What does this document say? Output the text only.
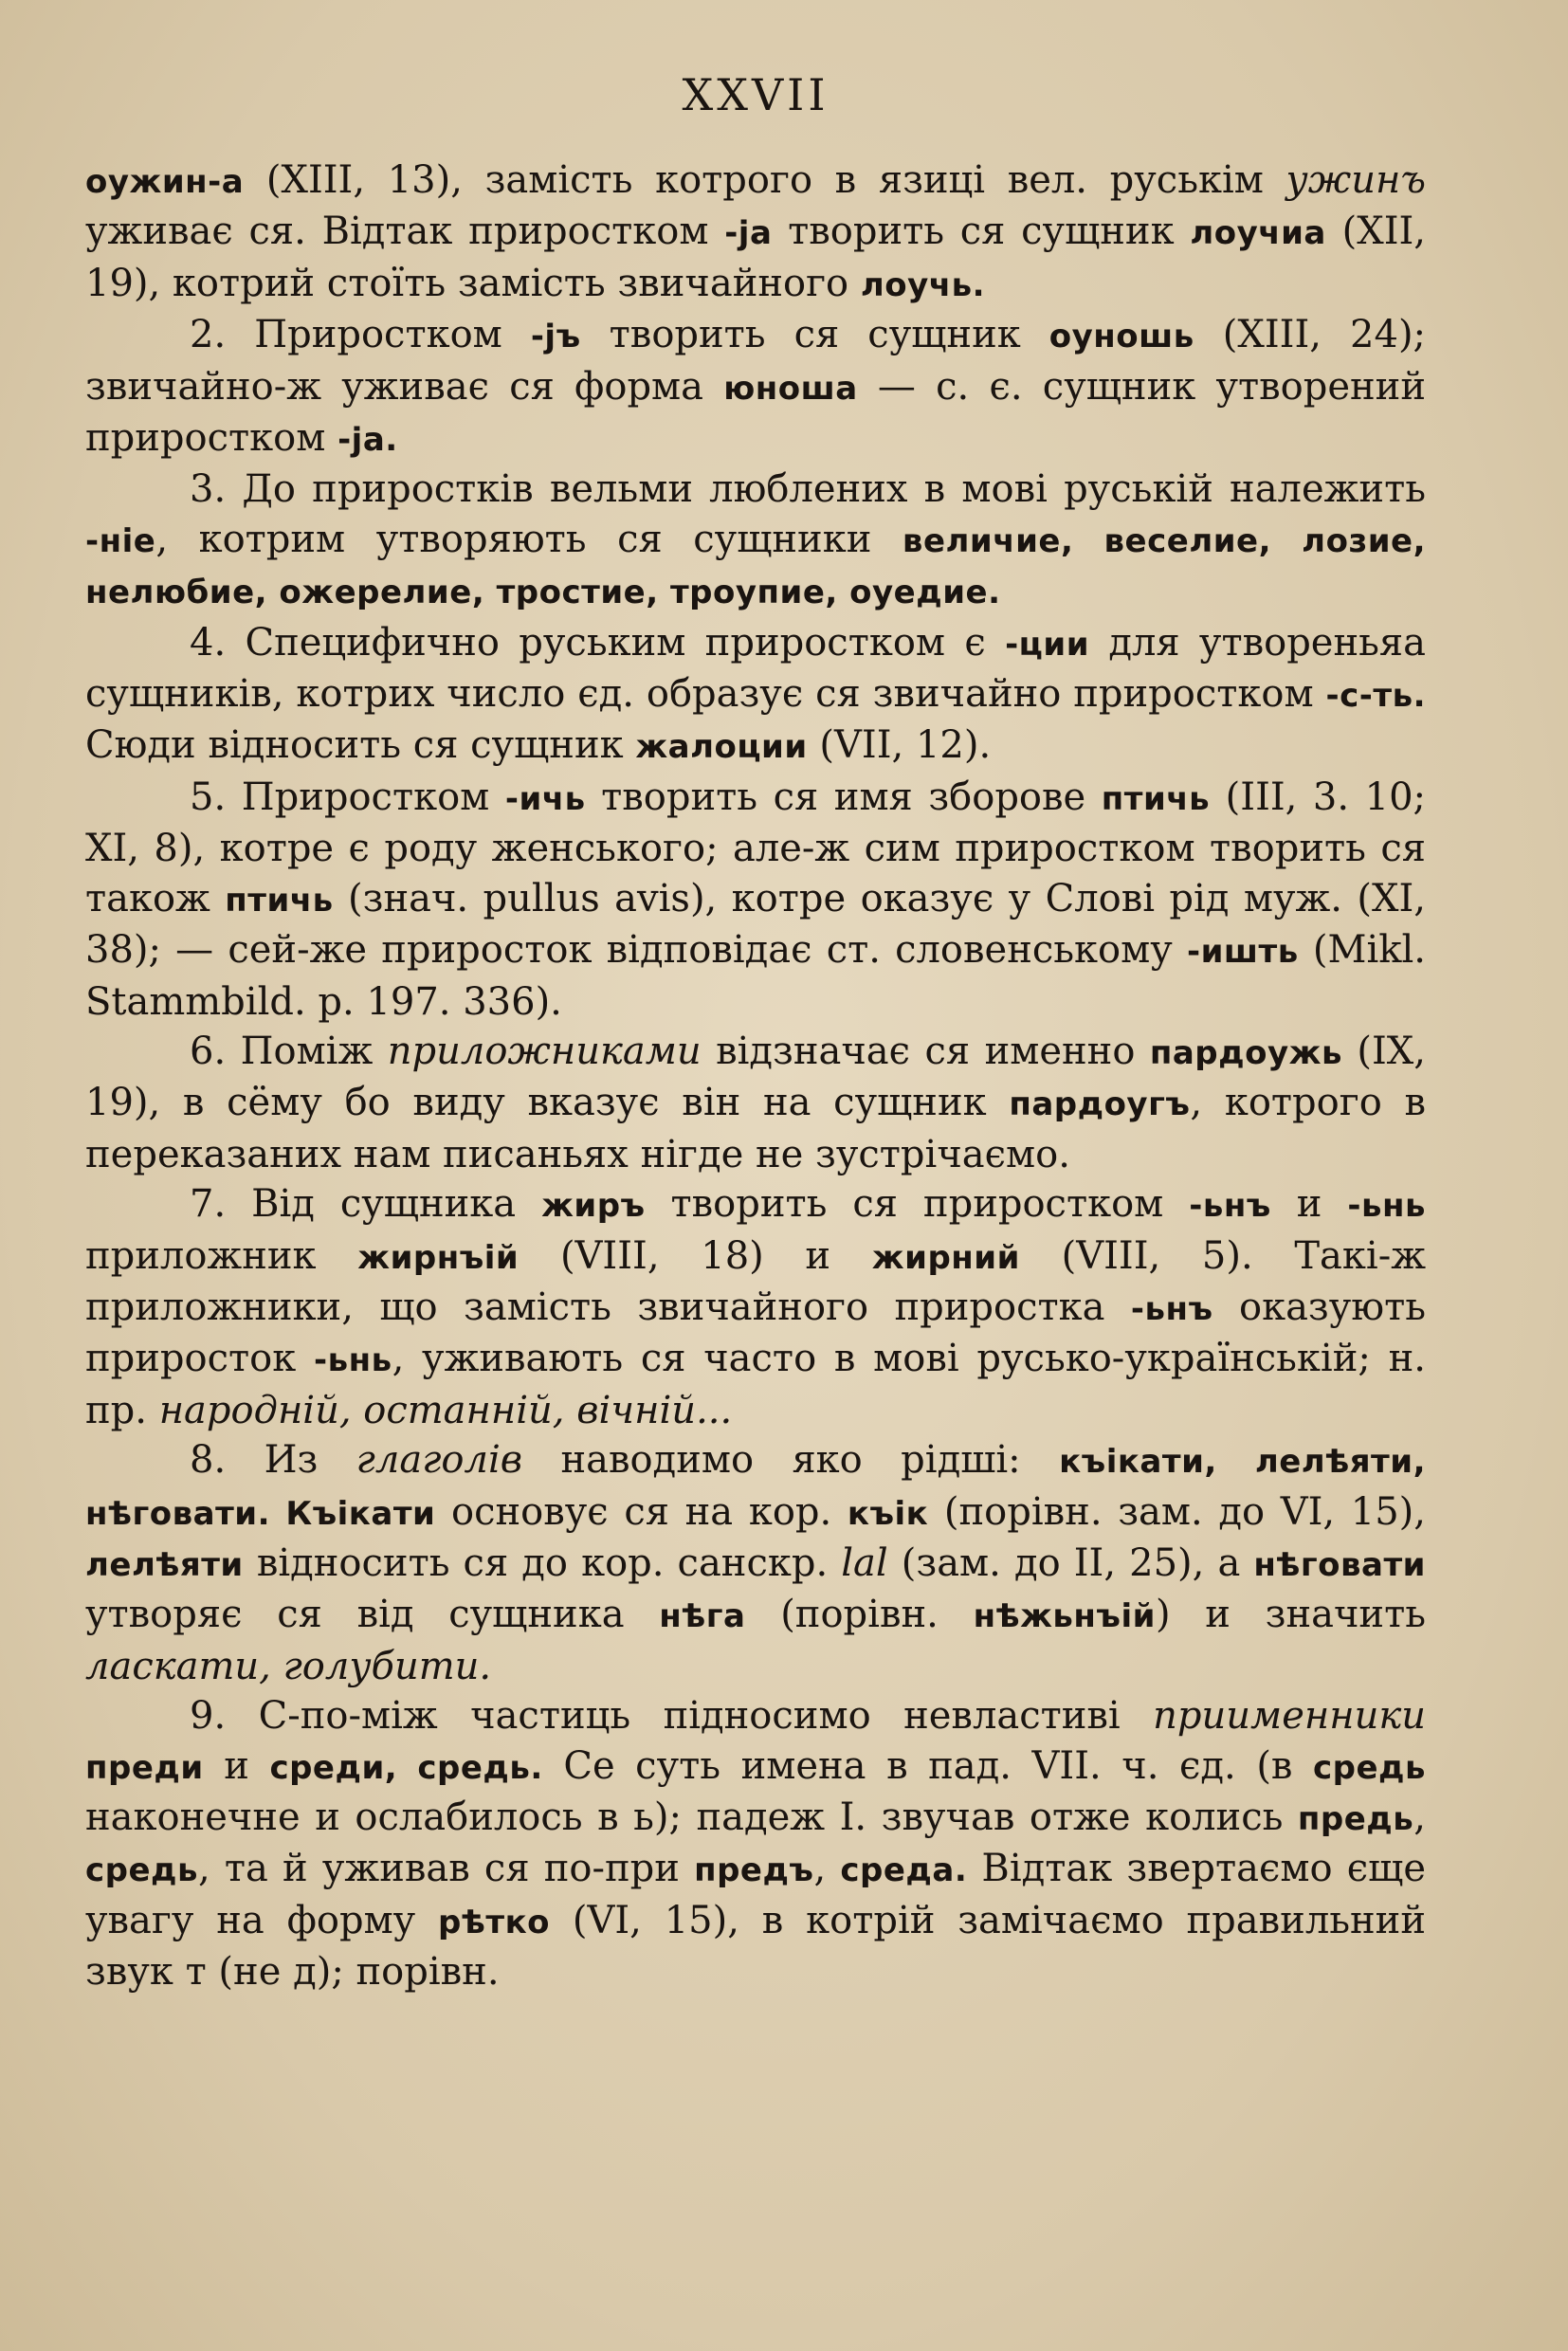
XXVII

оужин-а (XIII, 13), замість котрого в язиці вел. руськім ужинъ уживає ся. Відтак приростком -ја творить ся сущник лоучиа (XII, 19), котрий стоїть замість звичайного лоучь.

2. Приростком -јъ творить ся сущник оуношь (XIII, 24); звичайно-ж уживає ся форма юноша — с. є. сущник утворений приростком -ја.

3. До приростків вельми люблених в мові руській належить -ніе, котрим утворяють ся сущники величие, веселие, лозие, нелюбие, ожерелие, тростие, троупие, оуедие.

4. Специфично руським приростком є -ции для утвореньяа сущників, котрих число єд. образує ся звичайно приростком -с-ть. Сюди відносить ся сущник жалоции (VII, 12).

5. Приростком -ичь творить ся имя зборове птичь (III, 3. 10; XI, 8), котре є роду женського; але-ж сим приростком творить ся також птичь (знач. pullus avis), котре оказує у Слові рід муж. (XI, 38); — сей-же приросток відповідає ст. словенському -ишть (Mikl. Stammbild. p. 197. 336).

6. Поміж приложниками відзначає ся именно пардоужь (IX, 19), в сёму бо виду вказує він на сущник пардоугъ, котрого в переказаних нам писаньях нігде не зустрічаємо.

7. Від сущника жиръ творить ся приростком -ьнъ и -ьнь приложник жирнъій (VIII, 18) и жирний (VIII, 5). Такі-ж приложники, що замість звичайного приростка -ьнъ оказують приросток -ьнь, уживають ся часто в мові русько-українській; н. пр. народній, останній, вічній...

8. Из глаголів наводимо яко рідші: къікати, лелѣяти, нѣговати. Къікати основує ся на кор. къік (порівн. зам. до VI, 15), лелѣяти відносить ся до кор. санскр. lal (зам. до II, 25), а нѣговати утворяє ся від сущника нѣга (порівн. нѣжьнъій) и значить ласкати, голубити.

9. С-по-між частиць підносимо невластиві приименники преди и среди, средь. Се суть имена в пад. VII. ч. єд. (в средь наконечне и ослабилось в ь); падеж I. звучав отже колись предь, средь, та й уживав ся по-при предъ, среда. Відтак звертаємо єще увагу на форму рѣтко (VI, 15), в котрій замічаємо правильний звук т (не д); порівн.
